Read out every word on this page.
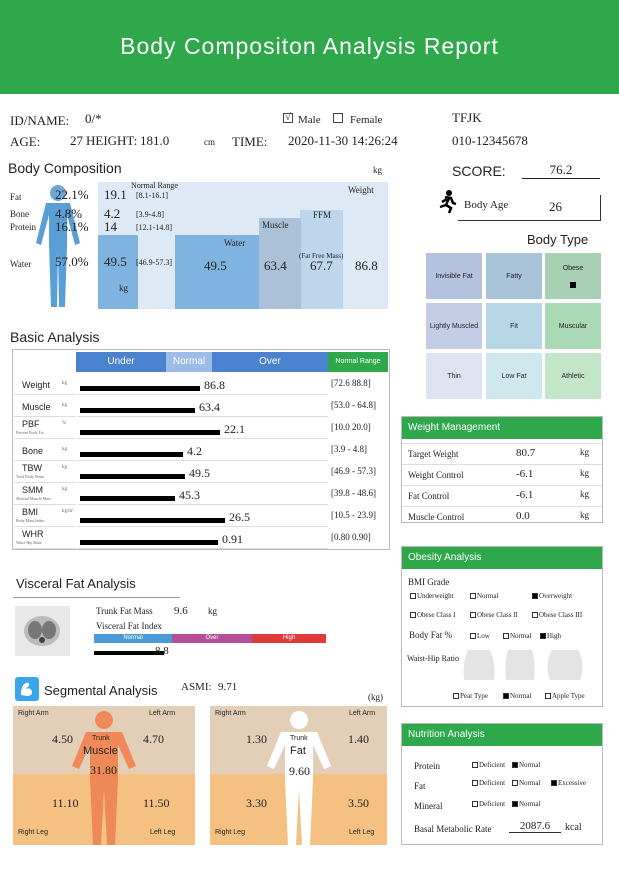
Body Compositon Analysis Report
ID/NAME: 0/*
AGE: 27 HEIGHT: 181.0	cm TIME: 2020-11-30 14:26:24
√ Male	Female	TFJK
010-12345678
Body Composition	kg
Normal Range	Weight
FFM
Muscle
Water
(Fat Free Mass)
49.5	63.4 67.7 86.8
kg
Fat	22.1% 19.1 [8.1-16.1]
Bone 4.8% 4.2 [3.9-4.8]
Protein 16.1% 14 [12.1-14.8]
Water 57.0% 49.5 [46.9-57.3]
SCORE:	76.2
Body Age	26
Body Type
Invisible Fat	Fatty
Obese
Lightly Muscled	Fit	Muscular
Thin	Low Fat	Athletic
Basic Analysis
Under	Normal	Over	Normal Range
Weight kg	86.8	[72.6 88.8]
Muscle kg	63.4	[53.0 - 64.8]
PBF	%
Percent Body Fat	22.1	[10.0 20.0]
Bone	kg	4.2	[3.9 - 4.8]
TBW	kg
Total Body Water	49.5	[46.9 - 57.3]
SMM	kg
Skeletal Muscle Mass	45.3	[39.8 - 48.6]
BMI	kg/m²
Body Mass Index	26.5	[10.5 - 23.9]
WHR
Waist-Hip Ratio	0.91	[0.80 0.90]
Weight Management
Target Weight	80.7	kg
Weight Control	-6.1	kg
Fat Control	-6.1	kg
Muscle Control	0.0	kg
Visceral Fat Analysis
Trunk Fat Mass 9.6 kg
Visceral Fat Index
Normal	Over	High
8.8
Obesity Analysis
BMI Grade
Underweight	Normal	Overweight
Obese Class I	Obese Class II	Obese Class III
Body Fat %	Low	Normal	High
Waist-Hip Ratio
Pear Type	Normal	Apple Type
Segmental Analysis ASMI: 9.71
(kg)
Right Arm	Left Arm
4.50	4.70
Trunk
Muscle
31.80
11.10	11.50
Right Leg	Left Leg
Right Arm	Left Arm
1.30	1.40
Trunk
Fat
9.60
3.30	3.50
Right Leg	Left Leg
Nutrition Analysis
Protein	Deficient	Normal
Fat	Deficient	Normal	Excessive
Mineral	Deficient	Normal
Basal Metabolic Rate	2087.6	kcal
